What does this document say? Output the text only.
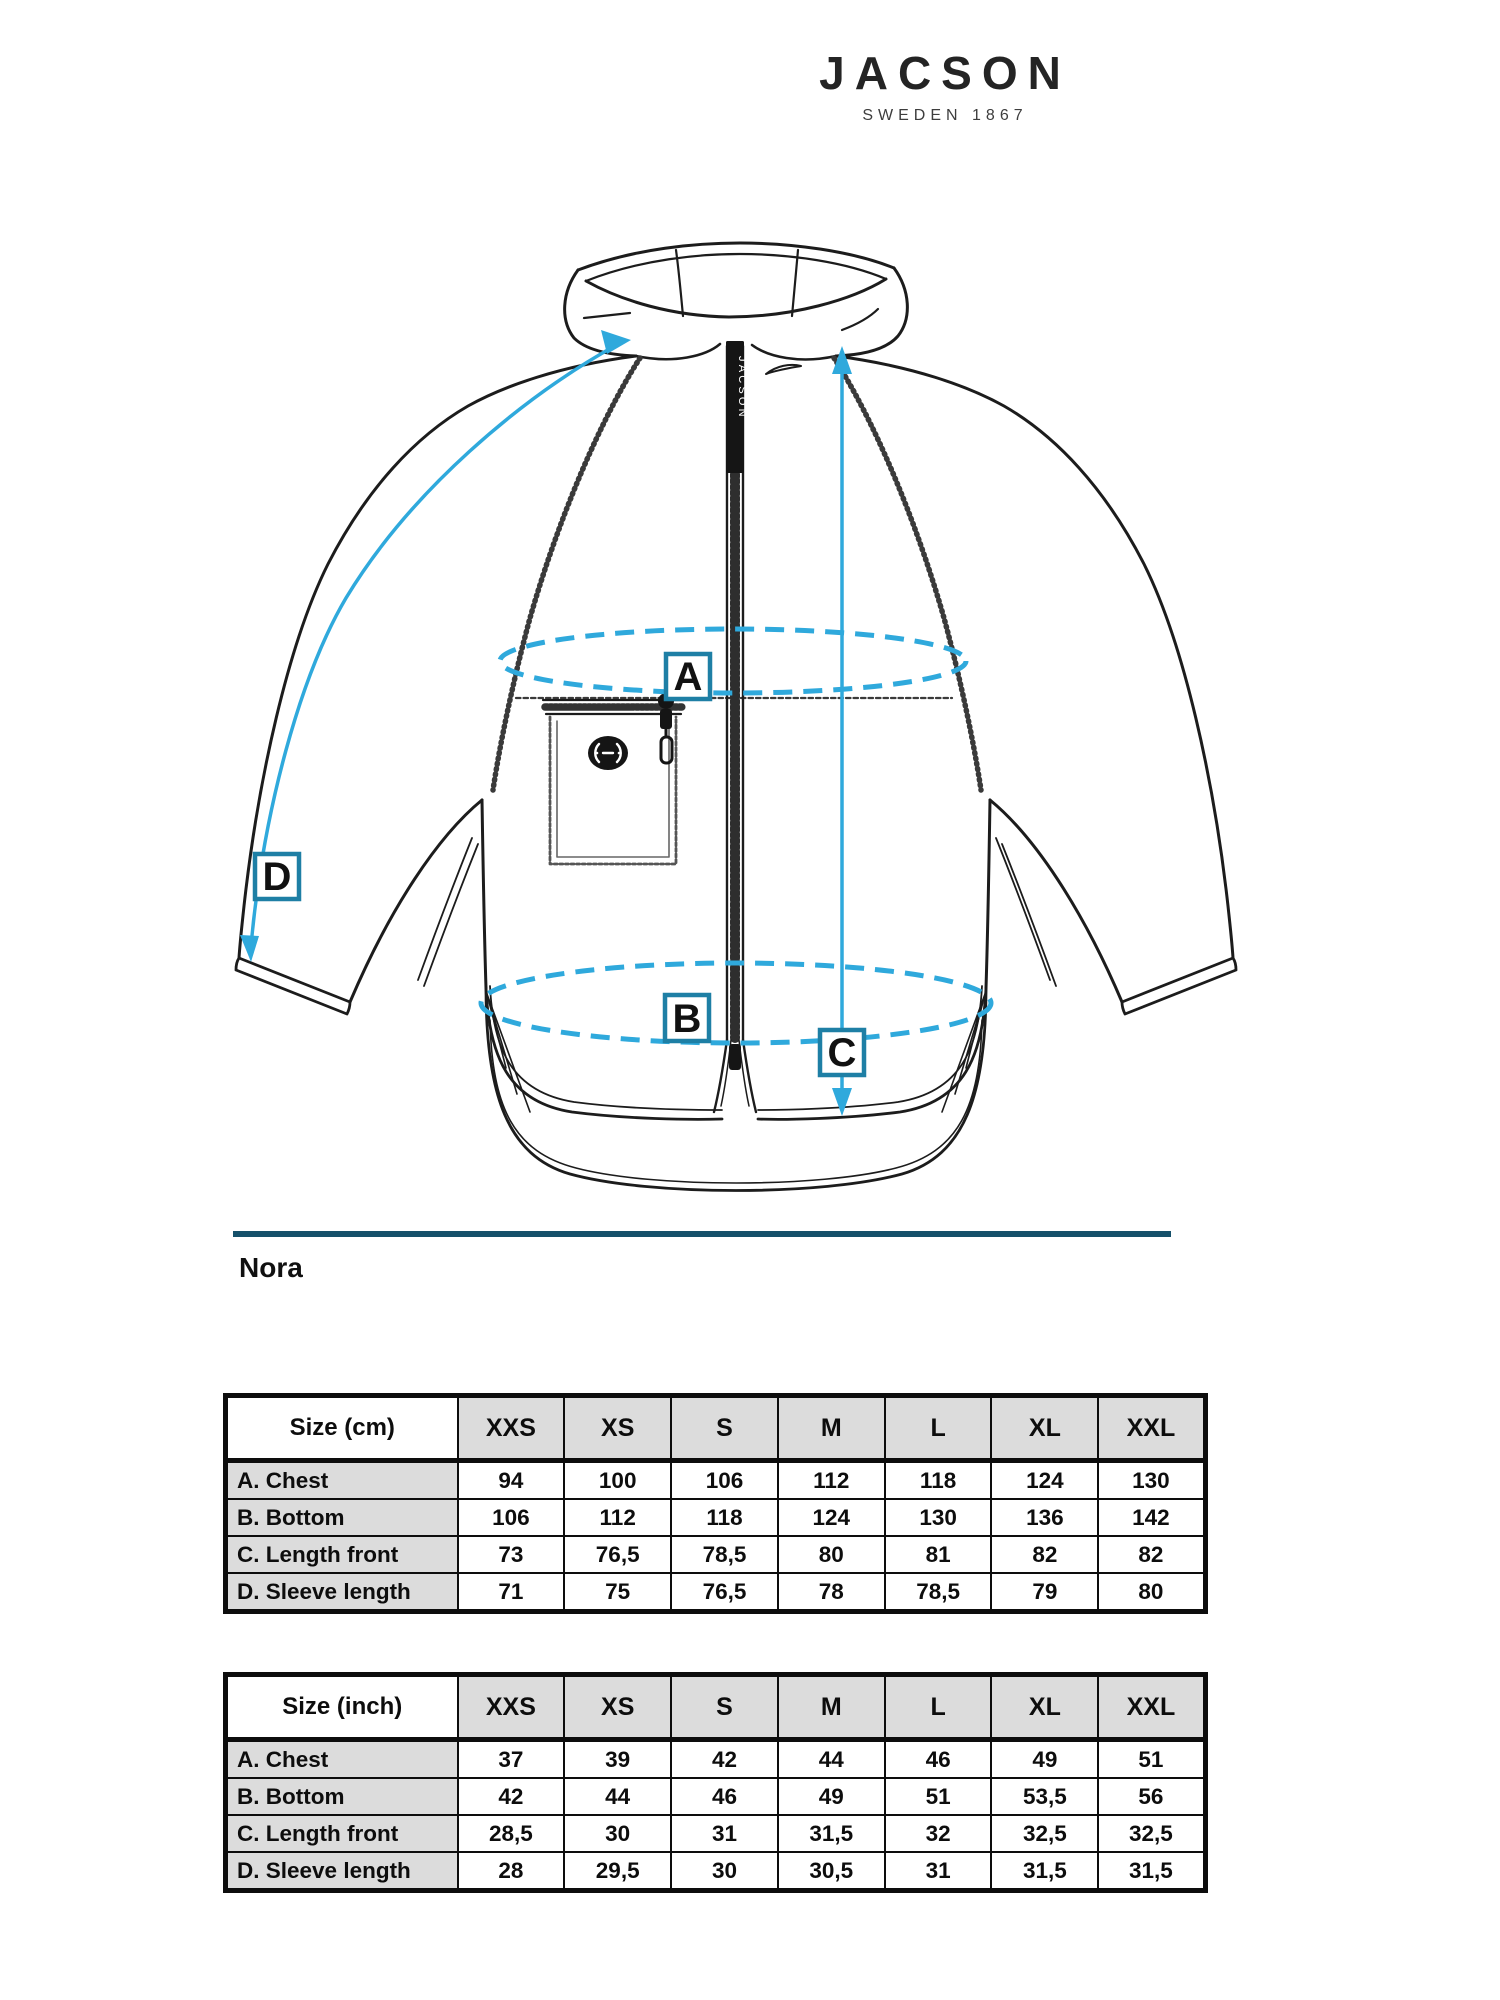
JACSON
SWEDEN 1867
JACSON
A
B
C
D
Nora
Size (cm)	XXS	XS	S	M	L	XL	XXL
A. Chest	94	100	106	112	118	124	130
B. Bottom	106	112	118	124	130	136	142
C. Length front	73	76,5	78,5	80	81	82	82
D. Sleeve length	71	75	76,5	78	78,5	79	80
Size (inch)	XXS	XS	S	M	L	XL	XXL
A. Chest	37	39	42	44	46	49	51
B. Bottom	42	44	46	49	51	53,5	56
C. Length front	28,5	30	31	31,5	32	32,5	32,5
D. Sleeve length	28	29,5	30	30,5	31	31,5	31,5
